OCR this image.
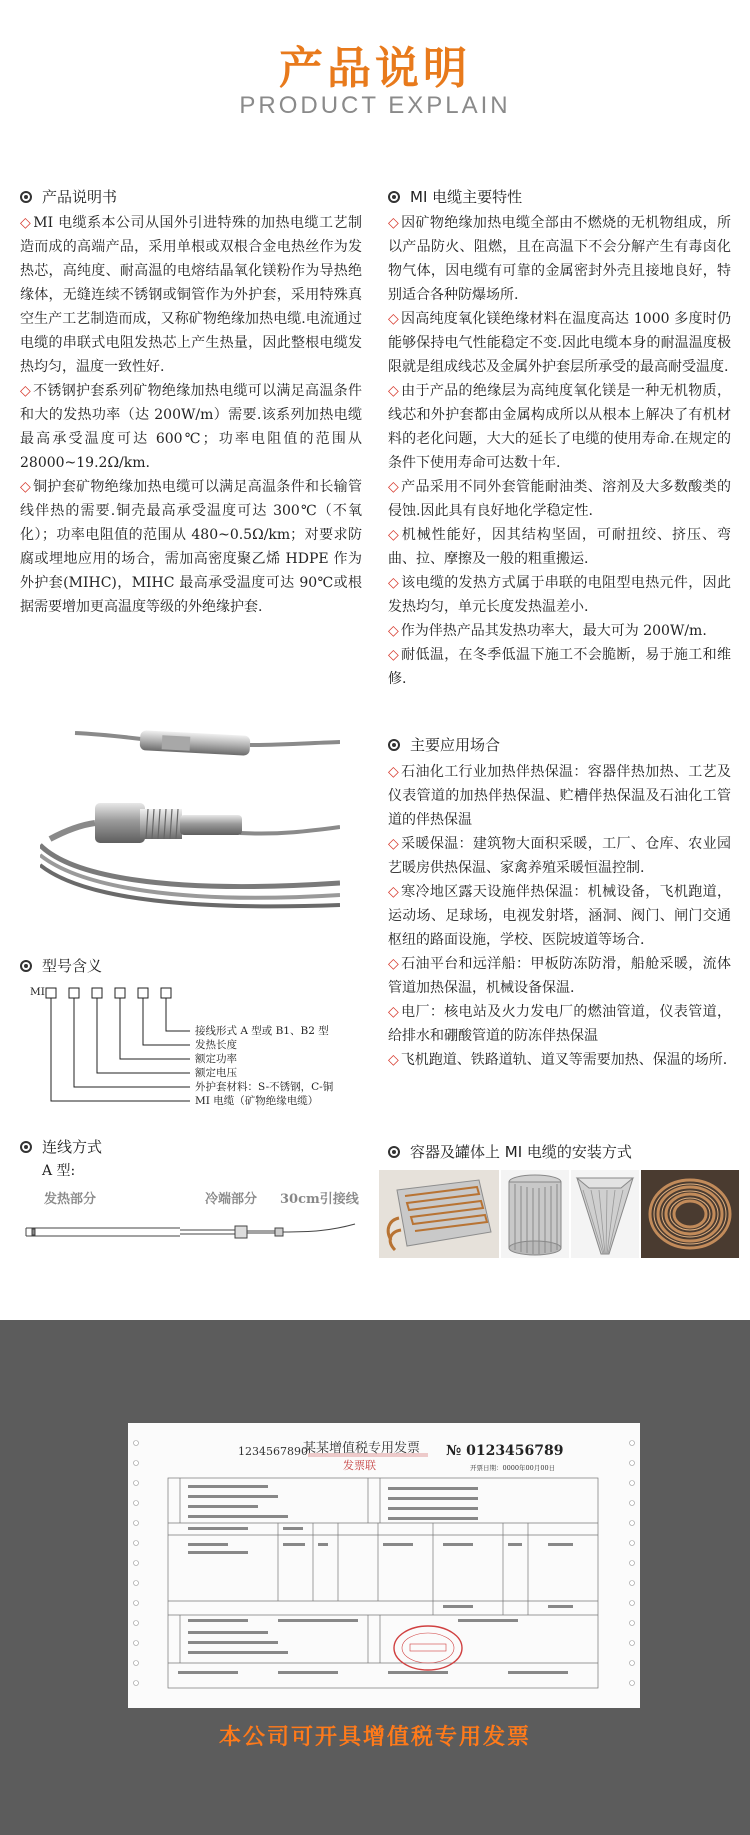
产品说明
PRODUCT EXPLAIN
产品说明书

◇ MI 电缆系本公司从国外引进特殊的加热电缆工艺制造而成的高端产品，采用单根或双根合金电热丝作为发热芯，高纯度、耐高温的电熔结晶氧化镁粉作为导热绝缘体，无缝连续不锈钢或铜管作为外护套，采用特殊真空生产工艺制造而成，又称矿物绝缘加热电缆.电流通过电缆的串联式电阻发热芯上产生热量，因此整根电缆发热均匀，温度一致性好.

◇ 不锈钢护套系列矿物绝缘加热电缆可以满足高温条件和大的发热功率（达 200W/m）需要.该系列加热电缆最高承受温度可达 600℃；功率电阻值的范围从 28000~19.2Ω/km.

◇ 铜护套矿物绝缘加热电缆可以满足高温条件和长输管线伴热的需要.铜壳最高承受温度可达 300℃（不氧化）；功率电阻值的范围从 480~0.5Ω/km；对要求防腐或埋地应用的场合，需加高密度聚乙烯 HDPE 作为外护套(MIHC)，MIHC 最高承受温度可达 90℃或根据需要增加更高温度等级的外绝缘护套.

型号含义
MI
接线形式 A 型或 B1、B2 型
发热长度
额定功率
额定电压
外护套材料：S-不锈钢，C-铜
MI 电缆（矿物绝缘电缆）
连线方式
A 型:
发热部分	冷端部分 30cm引接线
MI 电缆主要特性

◇ 因矿物绝缘加热电缆全部由不燃烧的无机物组成，所以产品防火、阻燃，且在高温下不会分解产生有毒卤化物气体，因电缆有可靠的金属密封外壳且接地良好，特别适合各种防爆场所.

◇ 因高纯度氧化镁绝缘材料在温度高达 1000 多度时仍能够保持电气性能稳定不变.因此电缆本身的耐温温度极限就是组成线芯及金属外护套层所承受的最高耐受温度.

◇ 由于产品的绝缘层为高纯度氧化镁是一种无机物质，线芯和外护套都由金属构成所以从根本上解决了有机材料的老化问题，大大的延长了电缆的使用寿命.在规定的条件下使用寿命可达数十年.

◇ 产品采用不同外套管能耐油类、溶剂及大多数酸类的侵蚀.因此具有良好地化学稳定性.

◇ 机械性能好，因其结构坚固，可耐扭绞、挤压、弯曲、拉、摩擦及一般的粗重搬运.

◇ 该电缆的发热方式属于串联的电阻型电热元件，因此发热均匀，单元长度发热温差小.

◇ 作为伴热产品其发热功率大，最大可为 200W/m.

◇ 耐低温，在冬季低温下施工不会脆断，易于施工和维修.

主要应用场合

◇ 石油化工行业加热伴热保温：容器伴热加热、工艺及仪表管道的加热伴热保温、贮槽伴热保温及石油化工管道的伴热保温

◇ 采暖保温：建筑物大面积采暖，工厂、仓库、农业园艺暖房供热保温、家禽养殖采暖恒温控制.

◇ 寒冷地区露天设施伴热保温：机械设备，飞机跑道，运动场、足球场，电视发射塔，涵洞、阀门、闸门交通枢纽的路面设施，学校、医院坡道等场合.

◇ 石油平台和远洋船：甲板防冻防滑，船舱采暖，流体管道加热保温，机械设备保温.

◇ 电厂：核电站及火力发电厂的燃油管道，仪表管道，给排水和硼酸管道的防冻伴热保温

◇ 飞机跑道、铁路道轨、道叉等需要加热、保温的场所.

容器及罐体上 MI 电缆的安装方式
1234567890
某某增值税专用发票
发票联
№ 0123456789
开票日期：0000年00月00日
本公司可开具增值税专用发票
